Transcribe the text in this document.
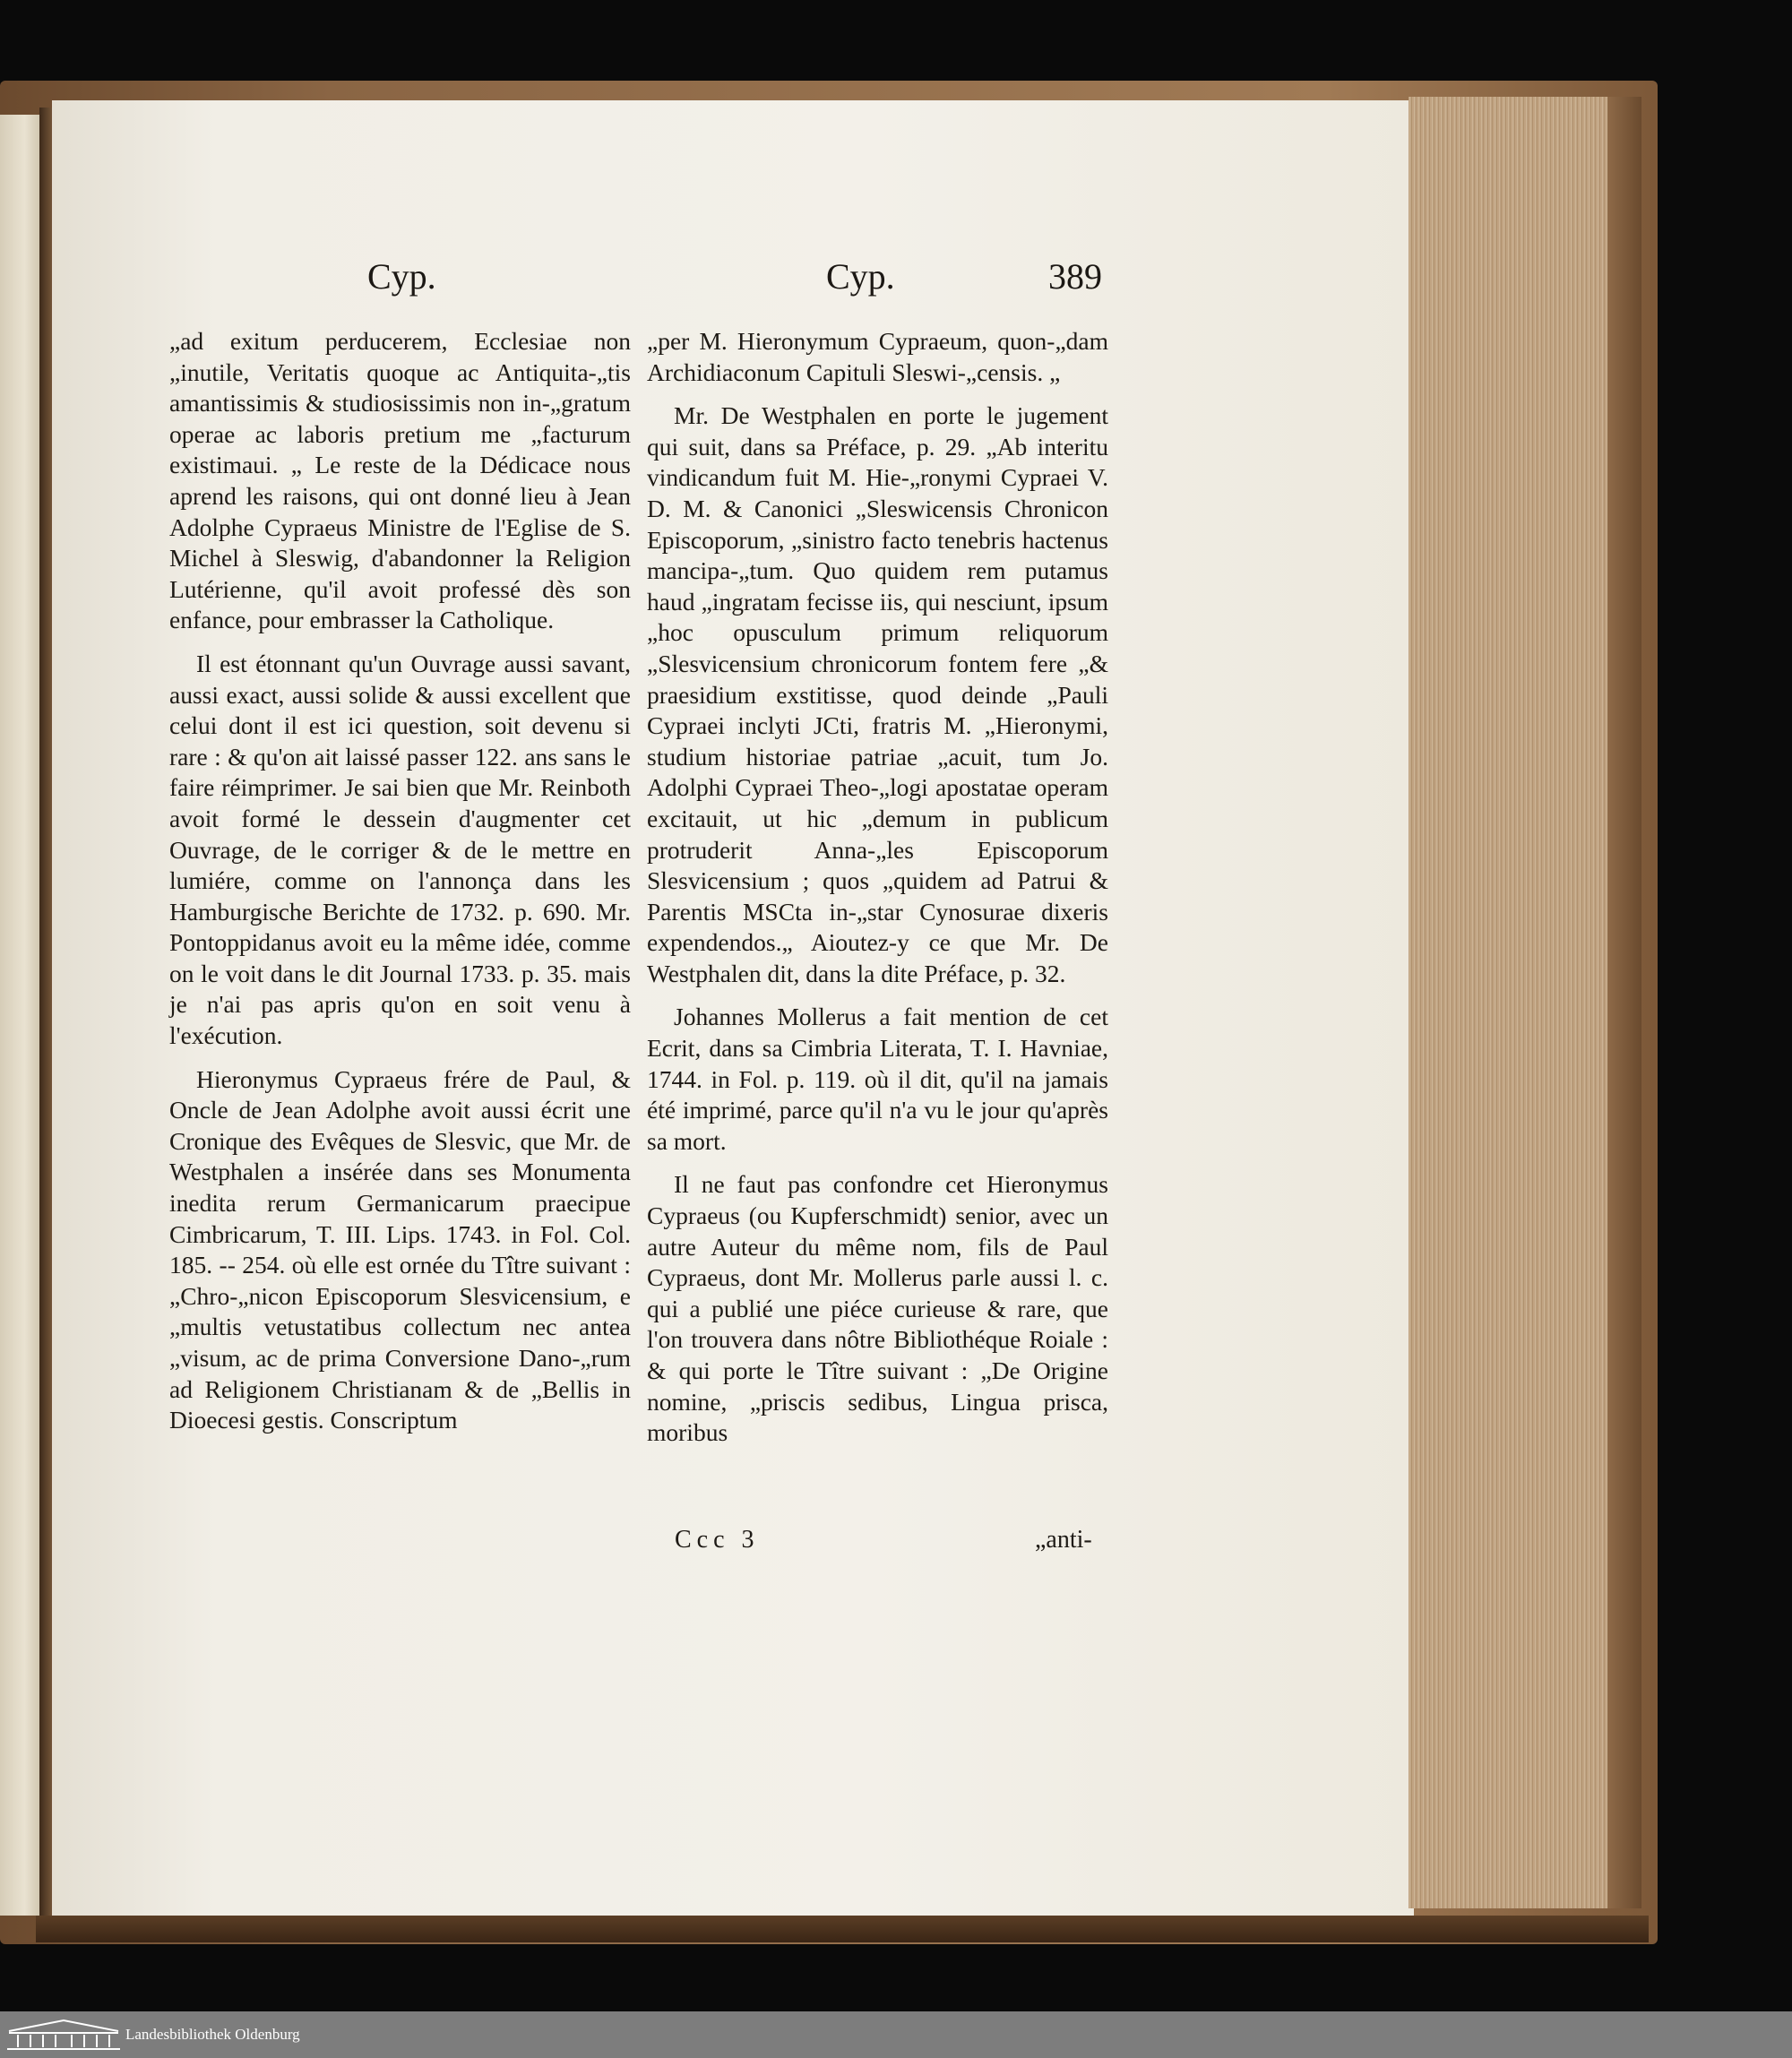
Cyp.	Cyp.	389

„ad exitum perducerem, Ecclesiae non „inutile, Veritatis quoque ac Antiquita-„tis amantissimis & studiosissimis non in-„gratum operae ac laboris pretium me „facturum existimaui. „ Le reste de la Dédicace nous aprend les raisons, qui ont donné lieu à Jean Adolphe Cypraeus Ministre de l'Eglise de S. Michel à Sleswig, d'abandonner la Religion Lutérienne, qu'il avoit professé dès son enfance, pour embrasser la Catholique.

Il est étonnant qu'un Ouvrage aussi savant, aussi exact, aussi solide & aussi excellent que celui dont il est ici question, soit devenu si rare : & qu'on ait laissé passer 122. ans sans le faire réimprimer. Je sai bien que Mr. Reinboth avoit formé le dessein d'augmenter cet Ouvrage, de le corriger & de le mettre en lumiére, comme on l'annonça dans les Hamburgische Berichte de 1732. p. 690. Mr. Pontoppidanus avoit eu la même idée, comme on le voit dans le dit Journal 1733. p. 35. mais je n'ai pas apris qu'on en soit venu à l'exécution.

Hieronymus Cypraeus frére de Paul, & Oncle de Jean Adolphe avoit aussi écrit une Cronique des Evêques de Slesvic, que Mr. de Westphalen a insérée dans ses Monumenta inedita rerum Germanicarum praecipue Cimbricarum, T. III. Lips. 1743. in Fol. Col. 185. -- 254. où elle est ornée du Tître suivant : „Chro-„nicon Episcoporum Slesvicensium, e „multis vetustatibus collectum nec antea „visum, ac de prima Conversione Dano-„rum ad Religionem Christianam & de „Bellis in Dioecesi gestis. Conscriptum

„per M. Hieronymum Cypraeum, quon-„dam Archidiaconum Capituli Sleswi-„censis. „

Mr. De Westphalen en porte le jugement qui suit, dans sa Préface, p. 29. „Ab interitu vindicandum fuit M. Hie-„ronymi Cypraei V. D. M. & Canonici „Sleswicensis Chronicon Episcoporum, „sinistro facto tenebris hactenus mancipa-„tum. Quo quidem rem putamus haud „ingratam fecisse iis, qui nesciunt, ipsum „hoc opusculum primum reliquorum „Slesvicensium chronicorum fontem fere „& praesidium exstitisse, quod deinde „Pauli Cypraei inclyti JCti, fratris M. „Hieronymi, studium historiae patriae „acuit, tum Jo. Adolphi Cypraei Theo-„logi apostatae operam excitauit, ut hic „demum in publicum protruderit Anna-„les Episcoporum Slesvicensium ; quos „quidem ad Patrui & Parentis MSCta in-„star Cynosurae dixeris expendendos.„ Aioutez-y ce que Mr. De Westphalen dit, dans la dite Préface, p. 32.

Johannes Mollerus a fait mention de cet Ecrit, dans sa Cimbria Literata, T. I. Havniae, 1744. in Fol. p. 119. où il dit, qu'il na jamais été imprimé, parce qu'il n'a vu le jour qu'après sa mort.

Il ne faut pas confondre cet Hieronymus Cypraeus (ou Kupferschmidt) senior, avec un autre Auteur du même nom, fils de Paul Cypraeus, dont Mr. Mollerus parle aussi l. c. qui a publié une piéce curieuse & rare, que l'on trouvera dans nôtre Bibliothéque Roiale : & qui porte le Tître suivant : „De Origine nomine, „priscis sedibus, Lingua prisca, moribus

Ccc 3	„anti-
Landesbibliothek Oldenburg
